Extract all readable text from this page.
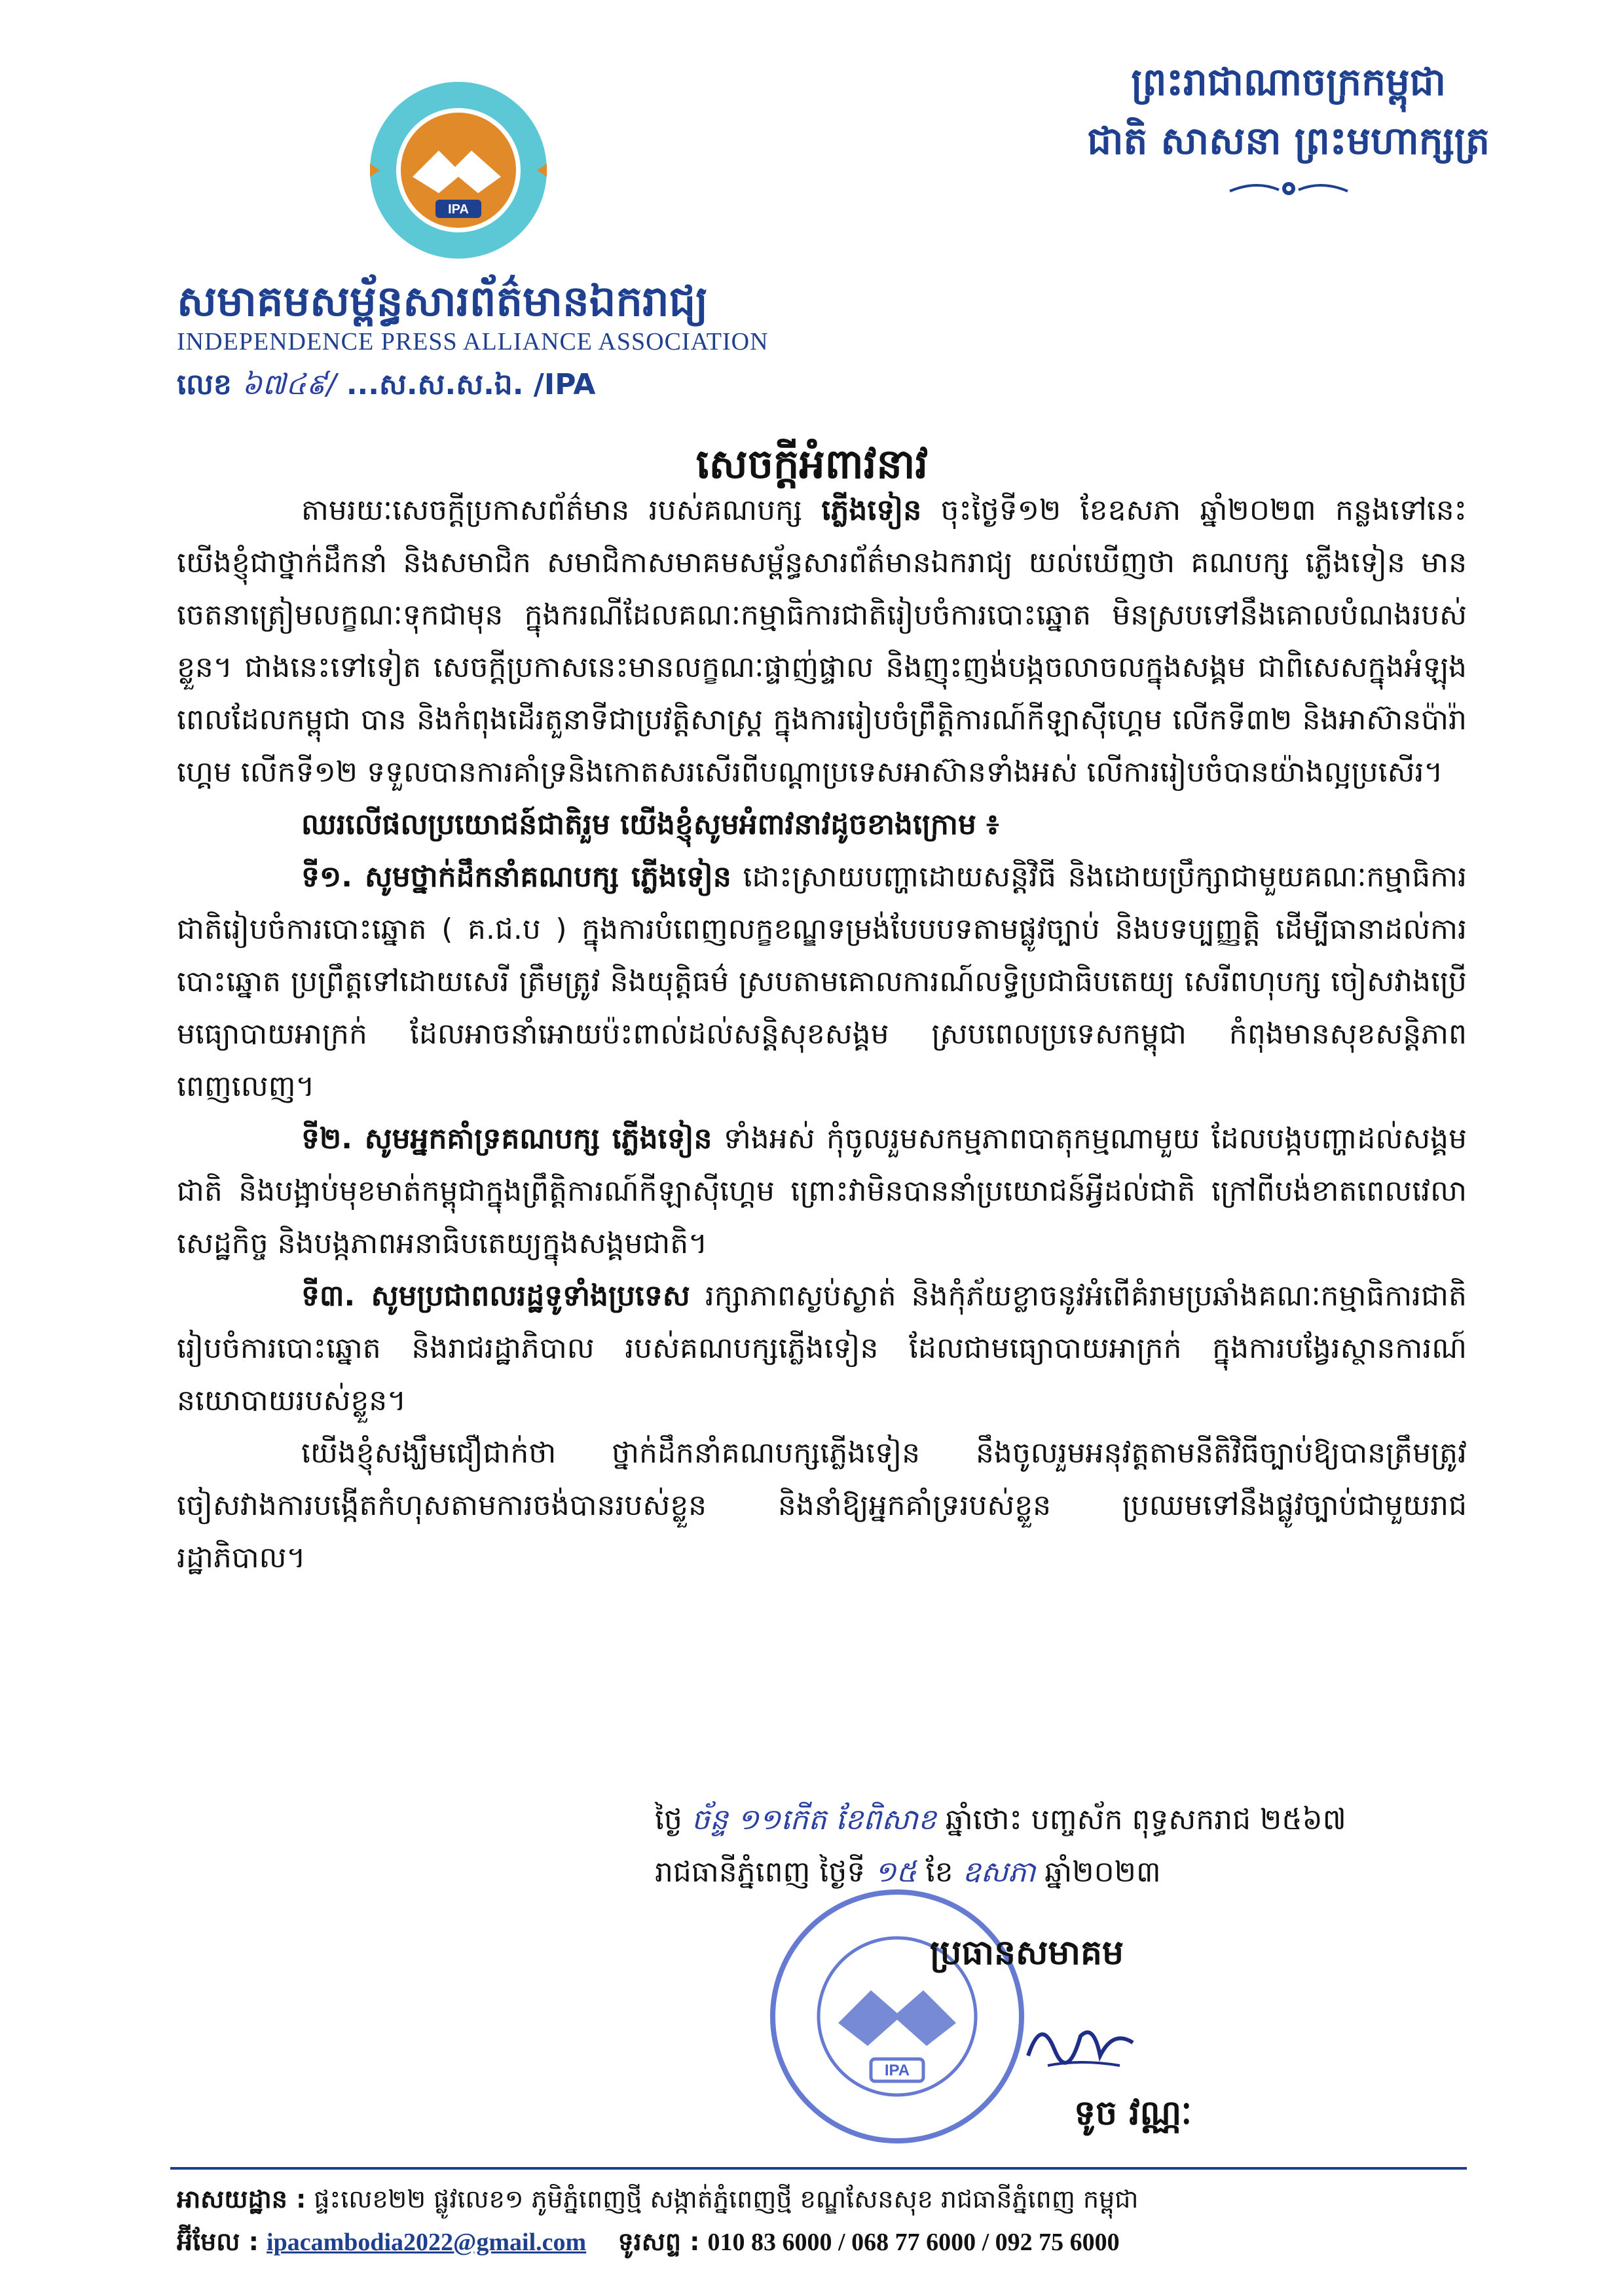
IPA
ព្រះរាជាណាចក្រកម្ពុជា
ជាតិ សាសនា ព្រះមហាក្សត្រ
សមាគមសម្ព័ន្ធសារព័ត៌មានឯករាជ្យ
INDEPENDENCE PRESS ALLIANCE ASSOCIATION
លេខ ៦៧៤៩/ ...ស.ស.ស.ឯ. /IPA
សេចក្តីអំពាវនាវ

តាមរយៈសេចក្តីប្រកាសព័ត៌មាន របស់គណបក្ស ភ្លើងទៀន ចុះថ្ងៃទី១២ ខែឧសភា ឆ្នាំ២០២៣ កន្លងទៅនេះ យើងខ្ញុំជាថ្នាក់ដឹកនាំ និងសមាជិក សមាជិកាសមាគមសម្ព័ន្ធសារព័ត៌មានឯករាជ្យ យល់ឃើញថា គណបក្ស ភ្លើងទៀន មានចេតនាត្រៀមលក្ខណៈទុកជាមុន ក្នុងករណីដែលគណៈកម្មាធិការជាតិរៀបចំការបោះឆ្នោត មិនស្របទៅនឹងគោលបំណងរបស់ខ្លួន។ ជាងនេះទៅទៀត សេចក្តីប្រកាសនេះមានលក្ខណៈផ្ទាញ់ផ្ទាល និងញុះញង់បង្កចលាចលក្នុងសង្គម ជាពិសេសក្នុងអំឡុងពេលដែលកម្ពុជា បាន និងកំពុងដើរតួនាទីជាប្រវត្តិសាស្ត្រ ក្នុងការរៀបចំព្រឹត្តិការណ៍កីឡាស៊ីហ្គេម លើកទី៣២ និងអាស៊ានប៉ារ៉ាហ្គេម លើកទី១២ ទទួលបានការគាំទ្រនិងកោតសរសើរពីបណ្តាប្រទេសអាស៊ានទាំងអស់ លើការរៀបចំបានយ៉ាងល្អប្រសើរ។

ឈរលើផលប្រយោជន៍ជាតិរួម យើងខ្ញុំសូមអំពាវនាវដូចខាងក្រោម ៖

ទី១. សូមថ្នាក់ដឹកនាំគណបក្ស ភ្លើងទៀន ដោះស្រាយបញ្ហាដោយសន្តិវិធី និងដោយប្រឹក្សាជាមួយគណៈកម្មាធិការជាតិរៀបចំការបោះឆ្នោត ( គ.ជ.ប ) ក្នុងការបំពេញលក្ខខណ្ឌទម្រង់បែបបទតាមផ្លូវច្បាប់ និងបទប្បញ្ញត្តិ ដើម្បីធានាដល់ការបោះឆ្នោត ប្រព្រឹត្តទៅដោយសេរី ត្រឹមត្រូវ និងយុត្តិធម៌ ស្របតាមគោលការណ៍លទ្ធិប្រជាធិបតេយ្យ សេរីពហុបក្ស ចៀសវាងប្រើមធ្យោបាយអាក្រក់ ដែលអាចនាំអោយប៉ះពាល់ដល់សន្តិសុខសង្គម ស្របពេលប្រទេសកម្ពុជា កំពុងមានសុខសន្តិភាពពេញលេញ។

ទី២. សូមអ្នកគាំទ្រគណបក្ស ភ្លើងទៀន ទាំងអស់ កុំចូលរួមសកម្មភាពបាតុកម្មណាមួយ ដែលបង្កបញ្ហាដល់សង្គមជាតិ និងបង្អាប់មុខមាត់កម្ពុជាក្នុងព្រឹត្តិការណ៍កីឡាស៊ីហ្គេម ព្រោះវាមិនបាននាំប្រយោជន៍អ្វីដល់ជាតិ ក្រៅពីបង់ខាតពេលវេលា សេដ្ឋកិច្ច និងបង្កភាពអនាធិបតេយ្យក្នុងសង្គមជាតិ។

ទី៣. សូមប្រជាពលរដ្ឋទូទាំងប្រទេស រក្សាភាពស្ងប់ស្ងាត់ និងកុំភ័យខ្លាចនូវអំពើគំរាមប្រឆាំងគណៈកម្មាធិការជាតិរៀបចំការបោះឆ្នោត និងរាជរដ្ឋាភិបាល របស់គណបក្សភ្លើងទៀន ដែលជាមធ្យោបាយអាក្រក់ ក្នុងការបង្វែរស្ថានការណ៍នយោបាយរបស់ខ្លួន។

យើងខ្ញុំសង្ឃឹមជឿជាក់ថា ថ្នាក់ដឹកនាំគណបក្សភ្លើងទៀន នឹងចូលរួមអនុវត្តតាមនីតិវិធីច្បាប់ឱ្យបានត្រឹមត្រូវ ចៀសវាងការបង្កើតកំហុសតាមការចង់បានរបស់ខ្លួន និងនាំឱ្យអ្នកគាំទ្ររបស់ខ្លួន ប្រឈមទៅនឹងផ្លូវច្បាប់ជាមួយរាជរដ្ឋាភិបាល។

ថ្ងៃ ច័ន្ទ ១១កើត ខែពិសាខ ឆ្នាំថោះ បញ្ចស័ក ពុទ្ធសករាជ ២៥៦៧
រាជធានីភ្នំពេញ ថ្ងៃទី ១៥ ខែ ឧសភា ឆ្នាំ២០២៣
IPA
ប្រធានសមាគម
ទូច វណ្ណៈ
អាសយដ្ឋាន : ផ្ទះលេខ២២ ផ្លូវលេខ១ ភូមិភ្នំពេញថ្មី សង្កាត់ភ្នំពេញថ្មី ខណ្ឌសែនសុខ រាជធានីភ្នំពេញ កម្ពុជា
អ៊ីមែល : ipacambodia2022@gmail.com ទូរសព្ទ : 010 83 6000 / 068 77 6000 / 092 75 6000
